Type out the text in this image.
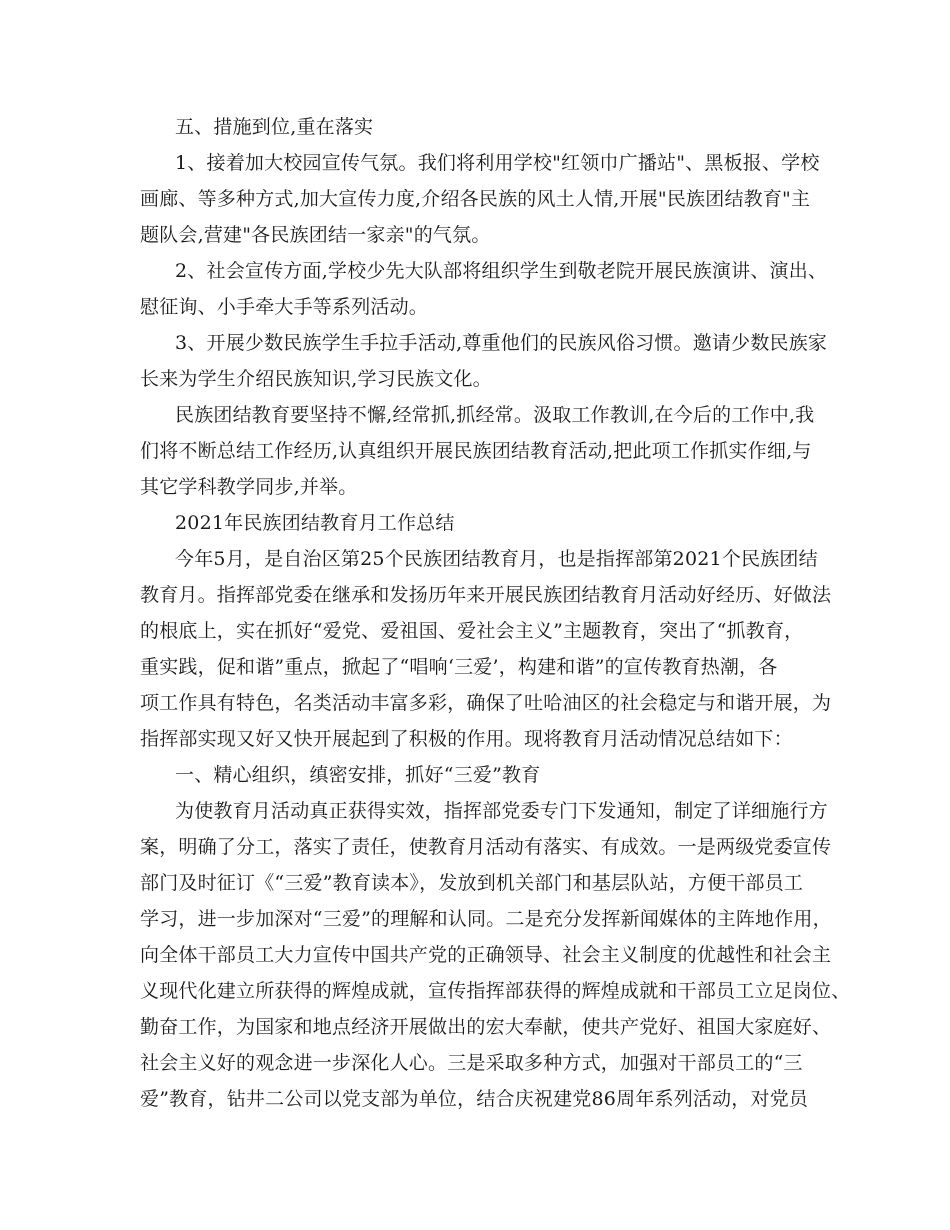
五、措施到位,重在落实
1、接着加大校园宣传气氛。我们将利用学校"红领巾广播站"、黑板报、学校
画廊、等多种方式,加大宣传力度,介绍各民族的风土人情,开展"民族团结教育"主
题队会,营建"各民族团结一家亲"的气氛。
2、社会宣传方面,学校少先大队部将组织学生到敬老院开展民族演讲、演出、
慰征询、小手牵大手等系列活动。
3、开展少数民族学生手拉手活动,尊重他们的民族风俗习惯。邀请少数民族家
长来为学生介绍民族知识,学习民族文化。
民族团结教育要坚持不懈,经常抓,抓经常。汲取工作教训,在今后的工作中,我
们将不断总结工作经历,认真组织开展民族团结教育活动,把此项工作抓实作细,与
其它学科教学同步,并举。
2021年民族团结教育月工作总结
今年5月，是自治区第25个民族团结教育月，也是指挥部第2021个民族团结
教育月。指挥部党委在继承和发扬历年来开展民族团结教育月活动好经历、好做法
的根底上，实在抓好“爱党、爱祖国、爱社会主义”主题教育，突出了“抓教育，
重实践，促和谐”重点，掀起了“唱响‘三爱’，构建和谐”的宣传教育热潮，各
项工作具有特色，名类活动丰富多彩，确保了吐哈油区的社会稳定与和谐开展，为
指挥部实现又好又快开展起到了积极的作用。现将教育月活动情况总结如下：
一、精心组织，缜密安排，抓好“三爱”教育
为使教育月活动真正获得实效，指挥部党委专门下发通知，制定了详细施行方
案，明确了分工，落实了责任，使教育月活动有落实、有成效。一是两级党委宣传
部门及时征订《“三爱”教育读本》，发放到机关部门和基层队站，方便干部员工
学习，进一步加深对“三爱”的理解和认同。二是充分发挥新闻媒体的主阵地作用，
向全体干部员工大力宣传中国共产党的正确领导、社会主义制度的优越性和社会主
义现代化建立所获得的辉煌成就，宣传指挥部获得的辉煌成就和干部员工立足岗位、
勤奋工作，为国家和地点经济开展做出的宏大奉献，使共产党好、祖国大家庭好、
社会主义好的观念进一步深化人心。三是采取多种方式，加强对干部员工的“三
爱”教育，钻井二公司以党支部为单位，结合庆祝建党86周年系列活动，对党员
